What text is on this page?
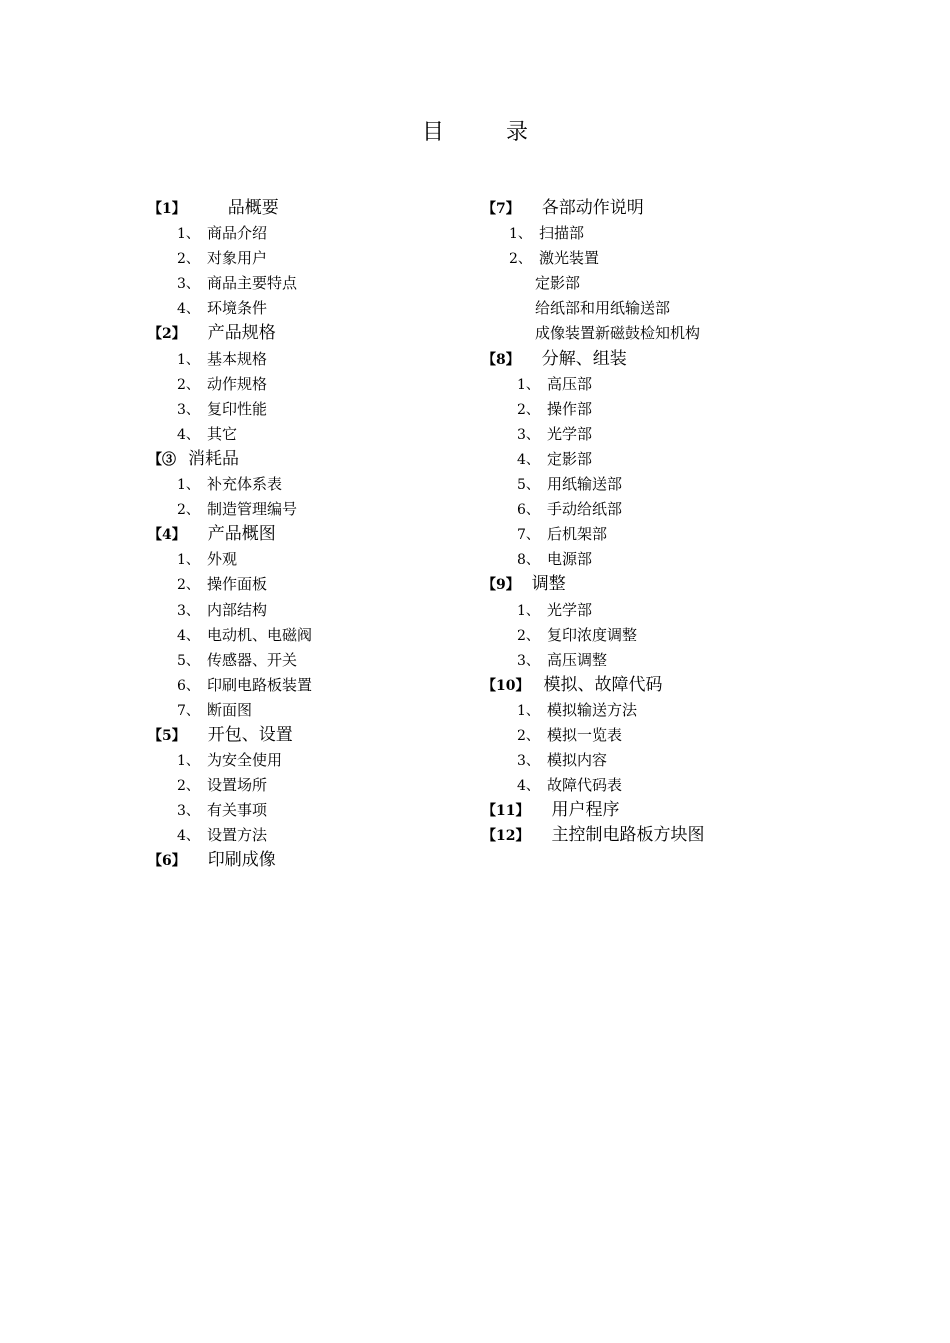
目	录
【1】 品概要
1、 商品介绍
2、 对象用户
3、 商品主要特点
4、 环境条件
【2】 产品规格
1、 基本规格
2、 动作规格
3、 复印性能
4、 其它
【③ 消耗品
1、 补充体系表
2、 制造管理编号
【4】 产品概图
1、 外观
2、 操作面板
3、 内部结构
4、 电动机、电磁阀
5、 传感器、开关
6、 印刷电路板装置
7、 断面图
【5】 开包、设置
1、 为安全使用
2、 设置场所
3、 有关事项
4、 设置方法
【6】 印刷成像
【7】 各部动作说明
1、 扫描部
2、 激光装置
定影部
给纸部和用纸输送部
成像装置新磁鼓检知机构
【8】 分解、组装
1、 高压部
2、 操作部
3、 光学部
4、 定影部
5、 用纸输送部
6、 手动给纸部
7、 后机架部
8、 电源部
【9】 调整
1、 光学部
2、 复印浓度调整
3、 高压调整
【10】 模拟、故障代码
1、 模拟输送方法
2、 模拟一览表
3、 模拟内容
4、 故障代码表
【11】 用户程序
【12】 主控制电路板方块图
